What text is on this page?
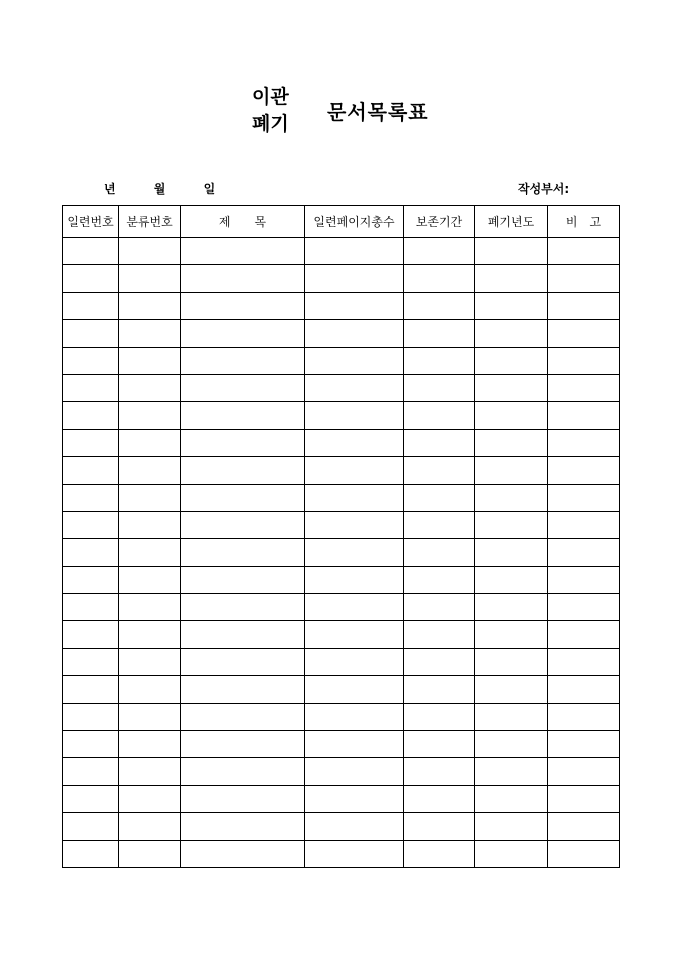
이관
폐기 문서목록표
년	월	일	작성부서:
일련번호	분류번호	제　　목	일련페이지총수	보존기간	폐기년도	비　고
